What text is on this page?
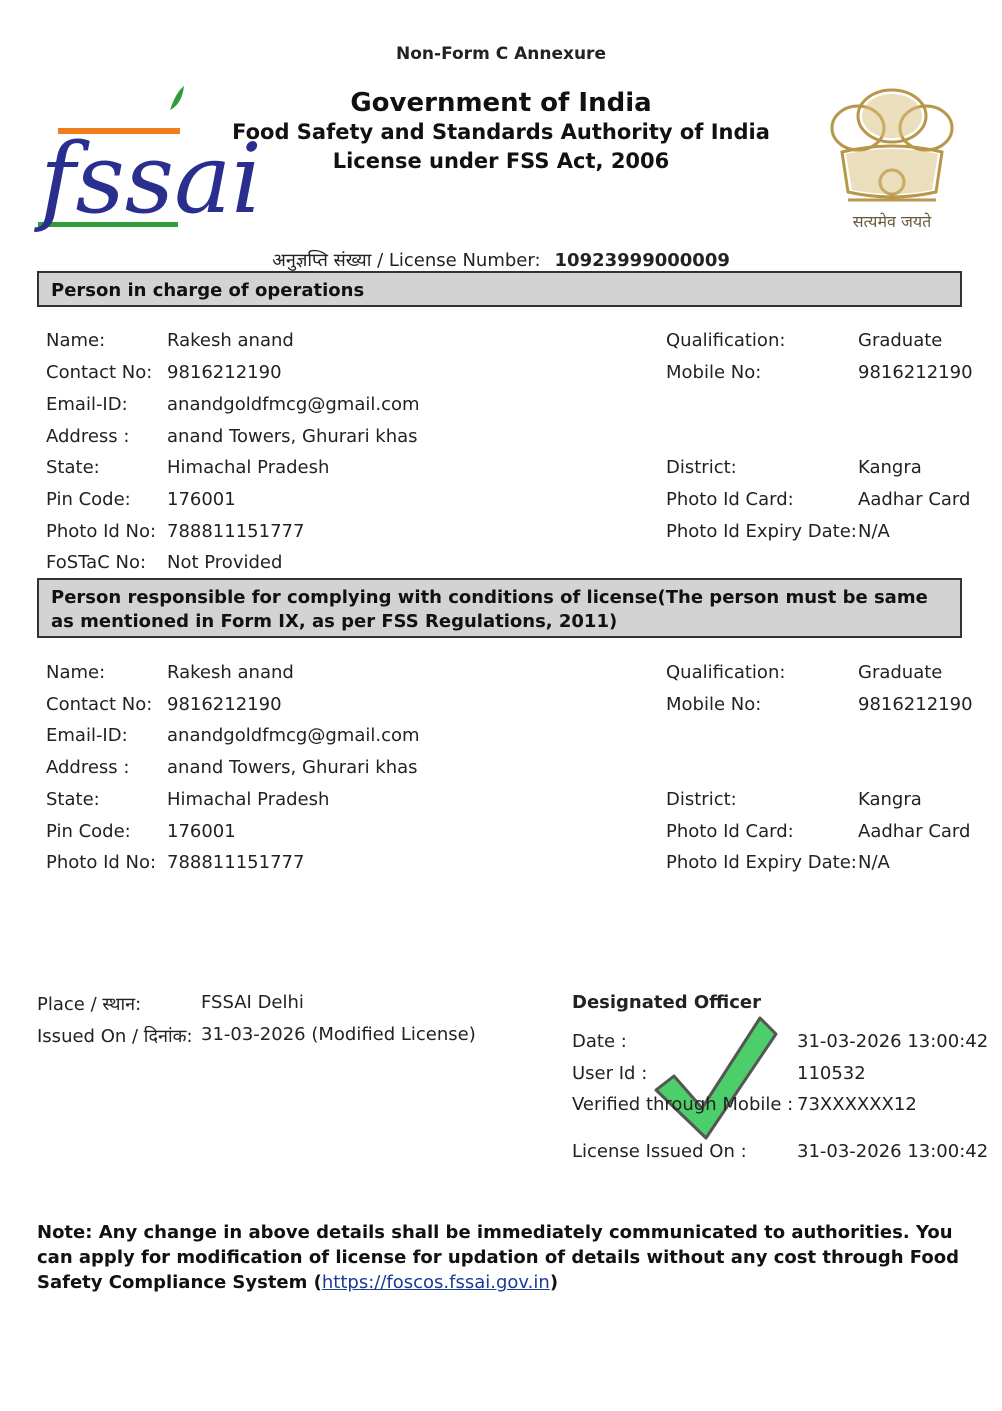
Non-Form C Annexure
fssai
Government of India
Food Safety and Standards Authority of India
License under FSS Act, 2006
सत्यमेव जयते
अनुज्ञप्ति संख्या / License Number: 10923999000009
Person in charge of operations
Name:	Rakesh anand	Qualification:	Graduate
Contact No: 9816212190	Mobile No:	9816212190
Email-ID: anandgoldfmcg@gmail.com
Address : anand Towers, Ghurari khas
State:	Himachal Pradesh	District:	Kangra
Pin Code: 176001	Photo Id Card:	Aadhar Card
Photo Id No: 788811151777	Photo Id Expiry Date: N/A
FoSTaC No: Not Provided
Person responsible for complying with conditions of license(The person must be same as mentioned in Form IX, as per FSS Regulations, 2011)
Name:	Rakesh anand	Qualification:	Graduate
Contact No: 9816212190	Mobile No:	9816212190
Email-ID: anandgoldfmcg@gmail.com
Address : anand Towers, Ghurari khas
State:	Himachal Pradesh	District:	Kangra
Pin Code: 176001	Photo Id Card:	Aadhar Card
Photo Id No: 788811151777	Photo Id Expiry Date: N/A
Place / स्थान:	FSSAI Delhi
Issued On / दिनांक: 31-03-2026 (Modified License)
Designated Officer
Date :	31-03-2026 13:00:42
User Id :	110532
Verified through Mobile : 73XXXXXX12
License Issued On :	31-03-2026 13:00:42
Note: Any change in above details shall be immediately communicated to authorities. You can apply for modification of license for updation of details without any cost through Food Safety Compliance System (https://foscos.fssai.gov.in)
